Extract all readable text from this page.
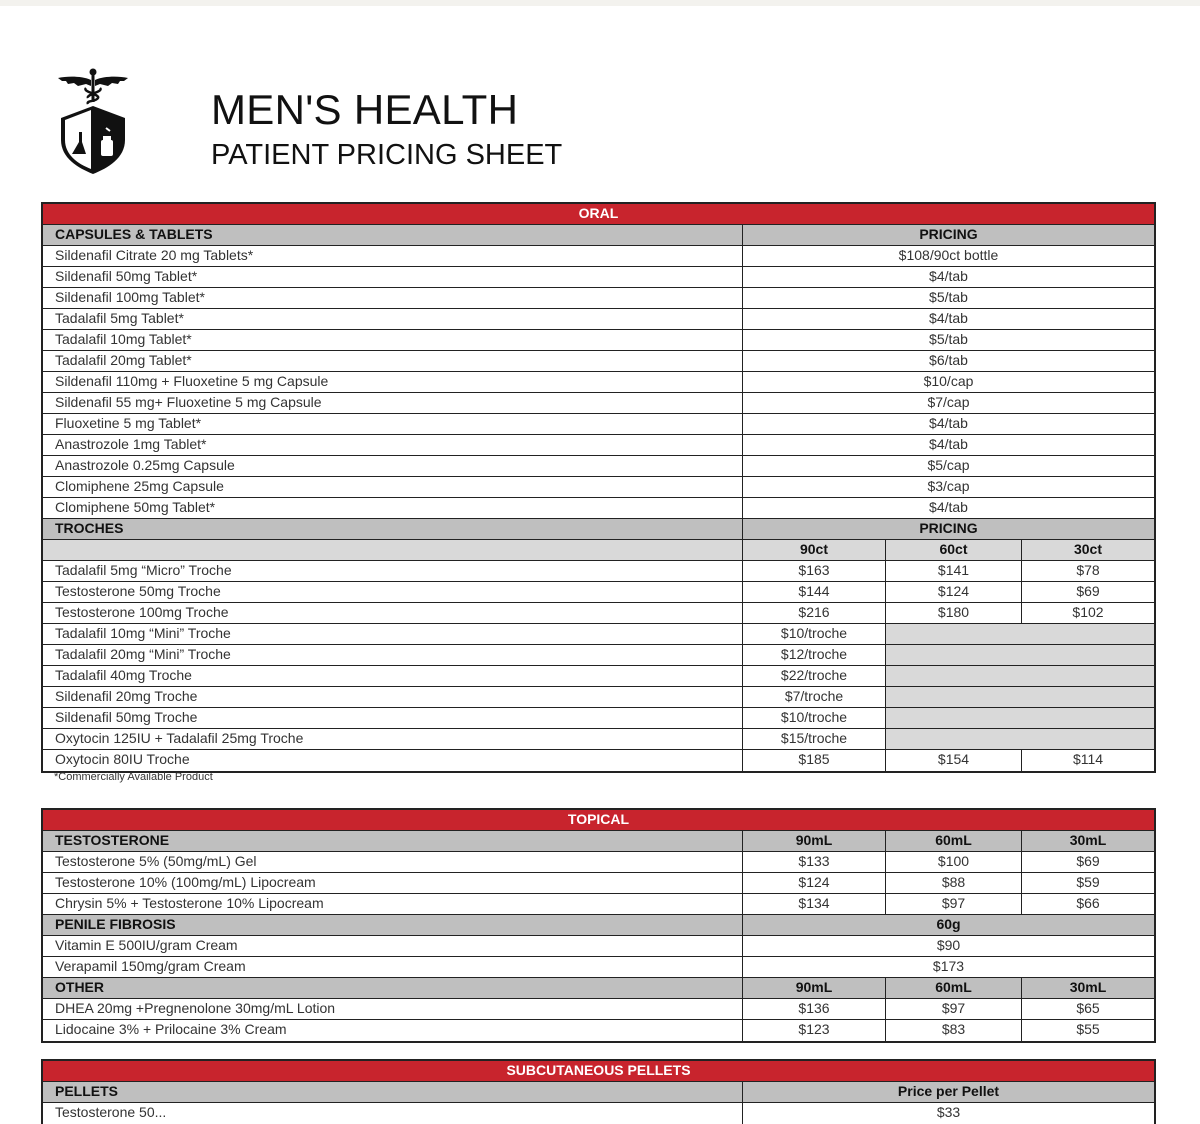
MEN'S HEALTH
PATIENT PRICING SHEET
ORAL
CAPSULES & TABLETS	PRICING
Sildenafil Citrate 20 mg Tablets*	$108/90ct bottle
Sildenafil 50mg Tablet*	$4/tab
Sildenafil 100mg Tablet*	$5/tab
Tadalafil 5mg Tablet*	$4/tab
Tadalafil 10mg Tablet*	$5/tab
Tadalafil 20mg Tablet*	$6/tab
Sildenafil 110mg + Fluoxetine 5 mg Capsule	$10/cap
Sildenafil 55 mg+ Fluoxetine 5 mg Capsule	$7/cap
Fluoxetine 5 mg Tablet*	$4/tab
Anastrozole 1mg Tablet*	$4/tab
Anastrozole 0.25mg Capsule	$5/cap
Clomiphene 25mg Capsule	$3/cap
Clomiphene 50mg Tablet*	$4/tab
TROCHES	PRICING
90ct	60ct	30ct
Tadalafil 5mg “Micro” Troche	$163	$141	$78
Testosterone 50mg Troche	$144	$124	$69
Testosterone 100mg Troche	$216	$180	$102
Tadalafil 10mg “Mini” Troche	$10/troche
Tadalafil 20mg “Mini” Troche	$12/troche
Tadalafil 40mg Troche	$22/troche
Sildenafil 20mg Troche	$7/troche
Sildenafil 50mg Troche	$10/troche
Oxytocin 125IU + Tadalafil 25mg Troche	$15/troche
Oxytocin 80IU Troche	$185	$154	$114
*Commercially Available Product
TOPICAL
TESTOSTERONE	90mL	60mL	30mL
Testosterone 5% (50mg/mL) Gel	$133	$100	$69
Testosterone 10% (100mg/mL) Lipocream	$124	$88	$59
Chrysin 5% + Testosterone 10% Lipocream	$134	$97	$66
PENILE FIBROSIS	60g
Vitamin E 500IU/gram Cream	$90
Verapamil 150mg/gram Cream	$173
OTHER	90mL	60mL	30mL
DHEA 20mg +Pregnenolone 30mg/mL Lotion	$136	$97	$65
Lidocaine 3% + Prilocaine 3% Cream	$123	$83	$55
SUBCUTANEOUS PELLETS
PELLETS	Price per Pellet
Testosterone 50...	$33
